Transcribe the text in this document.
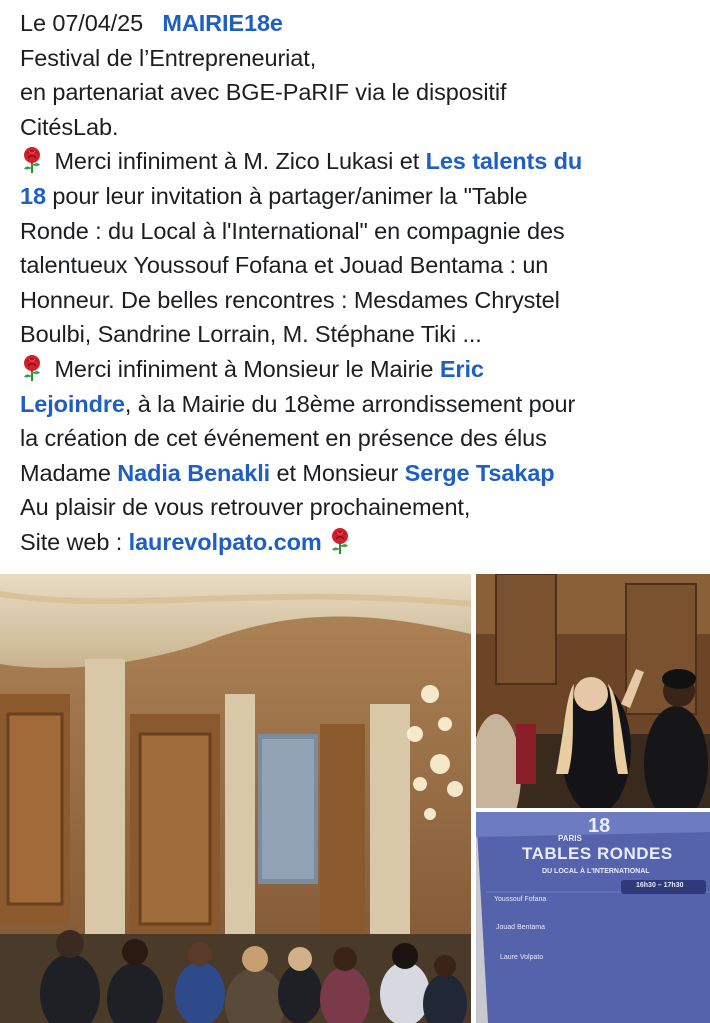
Le 07/04/25 MAIRIE18e
Festival de l’Entrepreneuriat,
en partenariat avec BGE-PaRIF via le dispositif
CitésLab.
Merci infiniment à M. Zico Lukasi et Les talents du
18 pour leur invitation à partager/animer la "Table
Ronde : du Local à l'International" en compagnie des
talentueux Youssouf Fofana et Jouad Bentama : un
Honneur. De belles rencontres : Mesdames Chrystel
Boulbi, Sandrine Lorrain, M. Stéphane Tiki ...
Merci infiniment à Monsieur le Mairie Eric
Lejoindre, à la Mairie du 18ème arrondissement pour
la création de cet événement en présence des élus
Madame Nadia Benakli et Monsieur Serge Tsakap
Au plaisir de vous retrouver prochainement,
Site web : laurevolpato.com
PARIS
18
TABLES RONDES
DU LOCAL À L'INTERNATIONAL
16h30 – 17h30
Youssouf Fofana
Jouad Bentama
Laure Volpato
